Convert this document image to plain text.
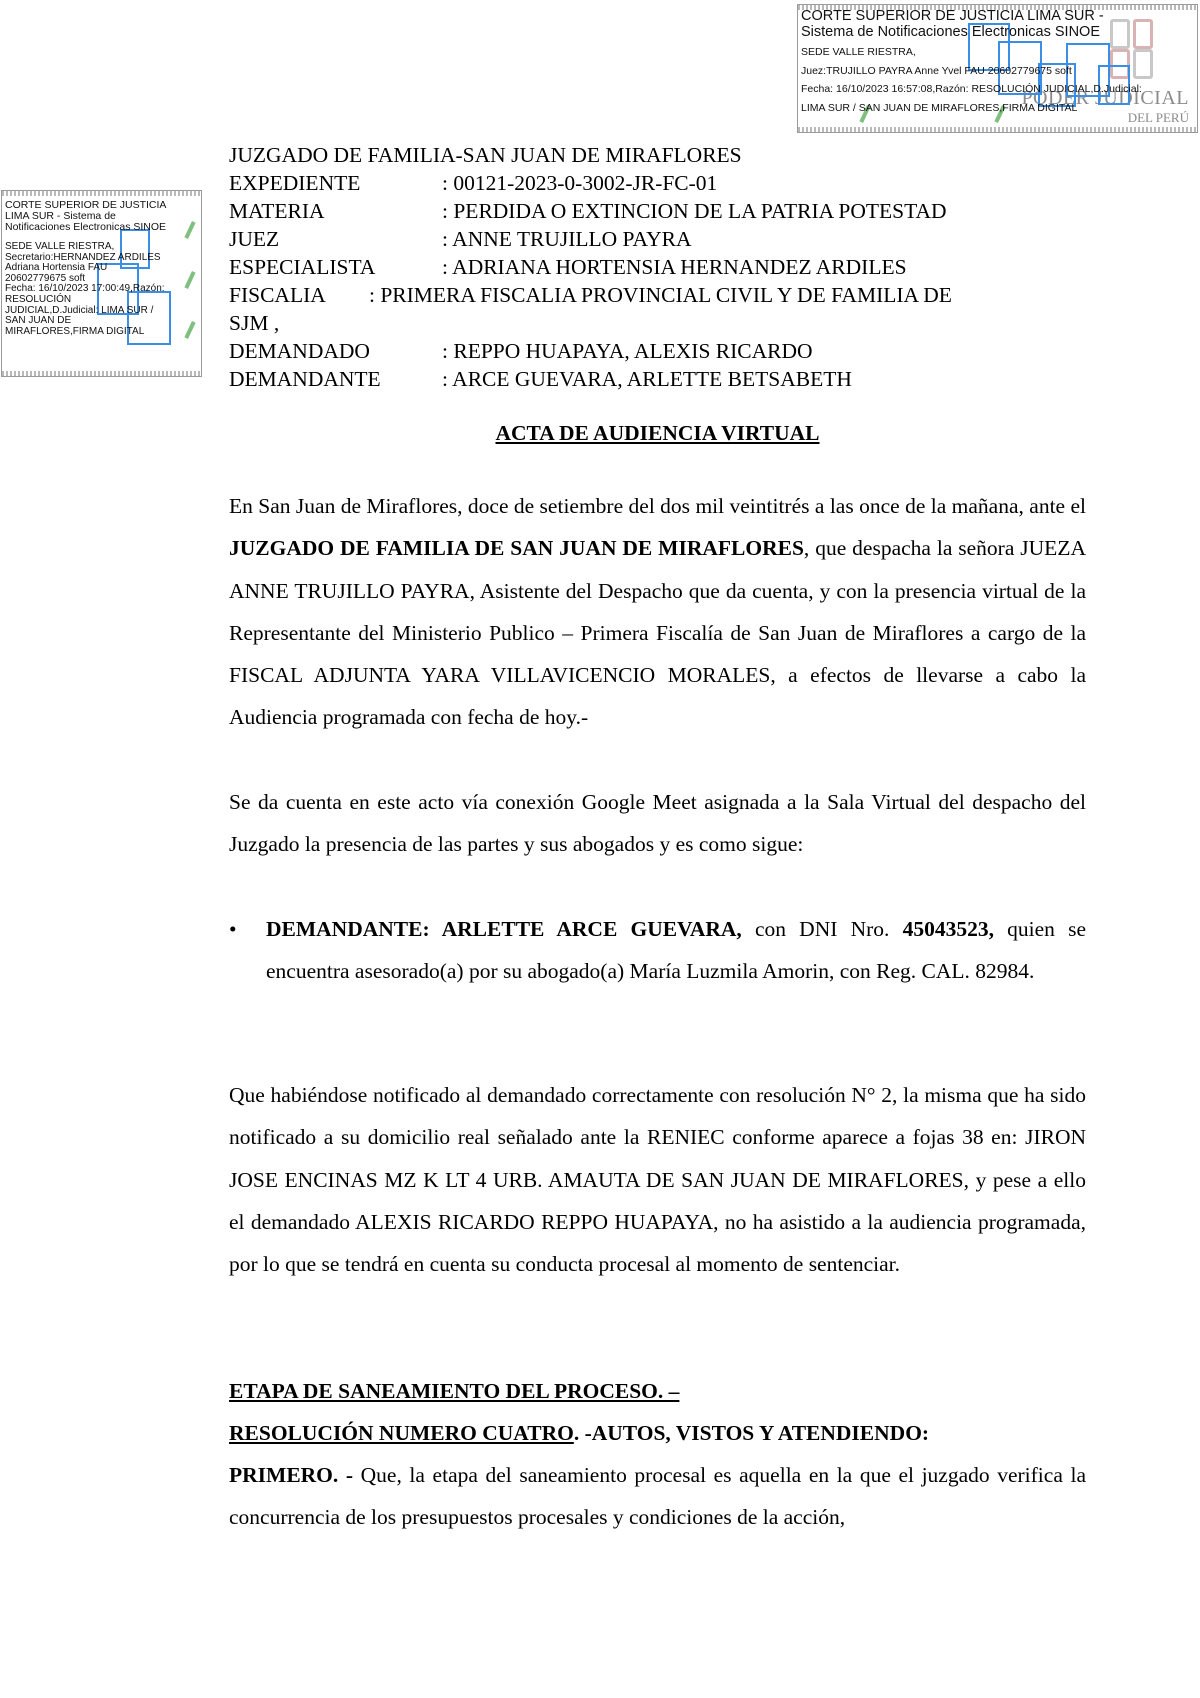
PODER JUDICIAL
DEL PERÚ
CORTE SUPERIOR DE JUSTICIA LIMA SUR -
Sistema de Notificaciones Electronicas SINOE
SEDE VALLE RIESTRA,
Juez:TRUJILLO PAYRA Anne Yvel FAU 20602779675 soft
Fecha: 16/10/2023 16:57:08,Razón: RESOLUCIÓN JUDICIAL,D.Judicial:
LIMA SUR / SAN JUAN DE MIRAFLORES,FIRMA DIGITAL
CORTE SUPERIOR DE JUSTICIA
LIMA SUR - Sistema de
Notificaciones Electronicas SINOE
SEDE VALLE RIESTRA,
Secretario:HERNANDEZ ARDILES
Adriana Hortensia FAU
20602779675 soft
Fecha: 16/10/2023 17:00:49,Razón:
RESOLUCIÓN
JUDICIAL,D.Judicial: LIMA SUR /
SAN JUAN DE
MIRAFLORES,FIRMA DIGITAL
JUZGADO DE FAMILIA-SAN JUAN DE MIRAFLORES
EXPEDIENTE	: 00121-2023-0-3002-JR-FC-01
MATERIA	: PERDIDA O EXTINCION DE LA PATRIA POTESTAD
JUEZ	: ANNE TRUJILLO PAYRA
ESPECIALISTA	: ADRIANA HORTENSIA HERNANDEZ ARDILES
FISCALIA : PRIMERA FISCALIA PROVINCIAL CIVIL Y DE FAMILIA DE
SJM ,
DEMANDADO	: REPPO HUAPAYA, ALEXIS RICARDO
DEMANDANTE	: ARCE GUEVARA, ARLETTE BETSABETH
ACTA DE AUDIENCIA VIRTUAL

En San Juan de Miraflores, doce de setiembre del dos mil veintitrés a las once de la mañana, ante el JUZGADO DE FAMILIA DE SAN JUAN DE MIRAFLORES, que despacha la señora JUEZA ANNE TRUJILLO PAYRA, Asistente del Despacho que da cuenta, y con la presencia virtual de la Representante del Ministerio Publico – Primera Fiscalía de San Juan de Miraflores a cargo de la FISCAL ADJUNTA YARA VILLAVICENCIO MORALES, a efectos de llevarse a cabo la Audiencia programada con fecha de hoy.-

Se da cuenta en este acto vía conexión Google Meet asignada a la Sala Virtual del despacho del Juzgado la presencia de las partes y sus abogados y es como sigue:

• DEMANDANTE: ARLETTE ARCE GUEVARA, con DNI Nro. 45043523, quien se encuentra asesorado(a) por su abogado(a) María Luzmila Amorin, con Reg. CAL. 82984.

Que habiéndose notificado al demandado correctamente con resolución N° 2, la misma que ha sido notificado a su domicilio real señalado ante la RENIEC conforme aparece a fojas 38 en: JIRON JOSE ENCINAS MZ K LT 4 URB. AMAUTA DE SAN JUAN DE MIRAFLORES, y pese a ello el demandado ALEXIS RICARDO REPPO HUAPAYA, no ha asistido a la audiencia programada, por lo que se tendrá en cuenta su conducta procesal al momento de sentenciar.

ETAPA DE SANEAMIENTO DEL PROCESO. –
RESOLUCIÓN NUMERO CUATRO. -AUTOS, VISTOS Y ATENDIENDO:

PRIMERO. - Que, la etapa del saneamiento procesal es aquella en la que el juzgado verifica la concurrencia de los presupuestos procesales y condiciones de la acción,
